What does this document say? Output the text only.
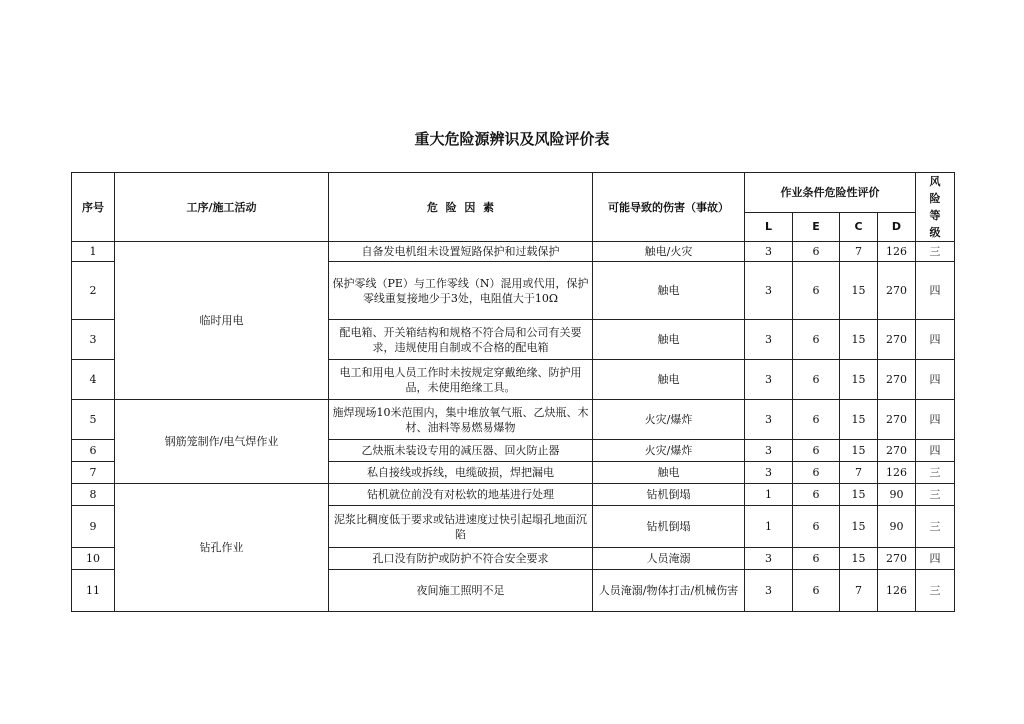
重大危险源辨识及风险评价表
序号	工序/施工活动	危  险  因  素	可能导致的伤害（事故）	作业条件危险性评价				风险等级
				L	E	C	D	
1	临时用电	自备发电机组未设置短路保护和过载保护	触电/火灾	3	6	7	126	三
2		保护零线（PE）与工作零线（N）混用或代用，保护零线重复接地少于3处，电阻值大于10Ω	触电	3	6	15	270	四
3		配电箱、开关箱结构和规格不符合局和公司有关要求，违规使用自制或不合格的配电箱	触电	3	6	15	270	四
4		电工和用电人员工作时未按规定穿戴绝缘、防护用品，未使用绝缘工具。	触电	3	6	15	270	四
5	钢筋笼制作/电气焊作业	施焊现场10米范围内，集中堆放氧气瓶、乙炔瓶、木材、油料等易燃易爆物	火灾/爆炸	3	6	15	270	四
6		乙炔瓶未装设专用的减压器、回火防止器	火灾/爆炸	3	6	15	270	四
7		私自接线或拆线，电缆破损，焊把漏电	触电	3	6	7	126	三
8	钻孔作业	钻机就位前没有对松软的地基进行处理	钻机倒塌	1	6	15	90	三
9		泥浆比稠度低于要求或钻进速度过快引起塌孔地面沉陷	钻机倒塌	1	6	15	90	三
10		孔口没有防护或防护不符合安全要求	人员淹溺	3	6	15	270	四
11		夜间施工照明不足	人员淹溺/物体打击/机械伤害	3	6	7	126	三
